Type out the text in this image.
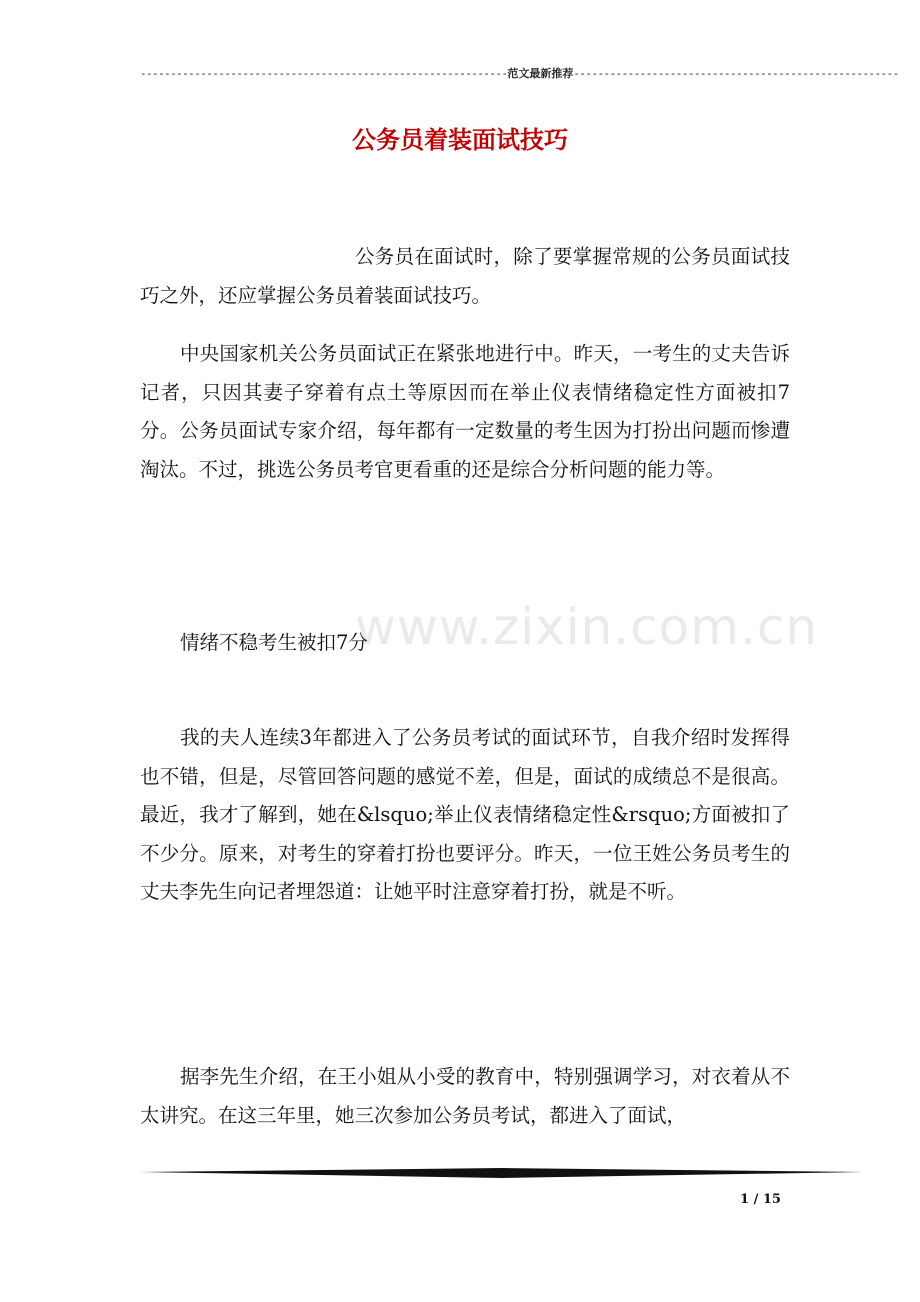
-------------------------------------------------------------范文最新推荐------------------------------------------------------
公务员着装面试技巧

公务员在面试时，除了要掌握常规的公务员面试技巧之外，还应掌握公务员着装面试技巧。

中央国家机关公务员面试正在紧张地进行中。昨天，一考生的丈夫告诉记者，只因其妻子穿着有点土等原因而在举止仪表情绪稳定性方面被扣7分。公务员面试专家介绍，每年都有一定数量的考生因为打扮出问题而惨遭淘汰。不过，挑选公务员考官更看重的还是综合分析问题的能力等。

情绪不稳考生被扣7分

我的夫人连续3年都进入了公务员考试的面试环节，自我介绍时发挥得也不错，但是，尽管回答问题的感觉不差，但是，面试的成绩总不是很高。最近，我才了解到，她在&lsquo;举止仪表情绪稳定性&rsquo;方面被扣了不少分。原来，对考生的穿着打扮也要评分。昨天，一位王姓公务员考生的丈夫李先生向记者埋怨道：让她平时注意穿着打扮，就是不听。

据李先生介绍，在王小姐从小受的教育中，特别强调学习，对衣着从不太讲究。在这三年里，她三次参加公务员考试，都进入了面试，

www.zixin.com.cn
1 / 15
